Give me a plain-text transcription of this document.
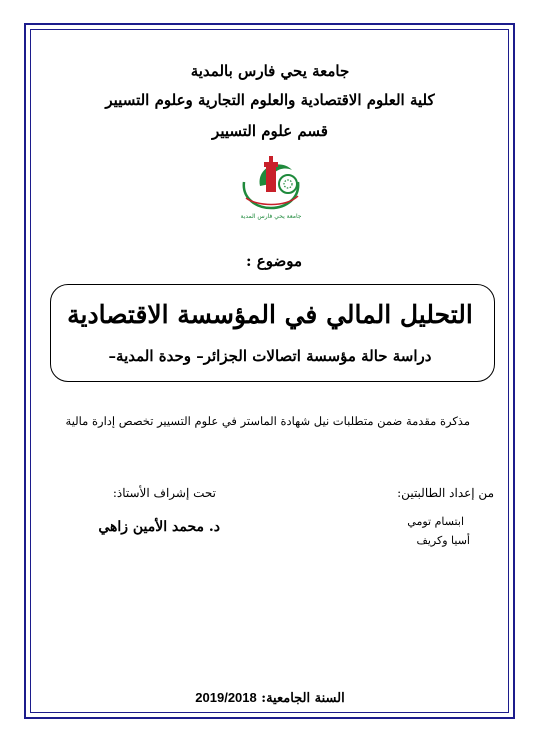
جامعة يحي فارس بالمدية
كلية العلوم الاقتصادية والعلوم التجارية وعلوم التسيير
قسم علوم التسيير
جامعة يحي فارس المدية
موضوع :
التحليل المالي في المؤسسة الاقتصادية
دراسة حالة مؤسسة اتصالات الجزائر– وحدة المدية–
مذكرة مقدمة ضمن متطلبات نيل شهادة الماستر في علوم التسيير تخصص إدارة مالية
من إعداد الطالبتين:
ابتسام تومي
أسيا وكريف
تحت إشراف الأستاذ:
د. محمد الأمين زاهي
السنة الجامعية: 2019/2018
